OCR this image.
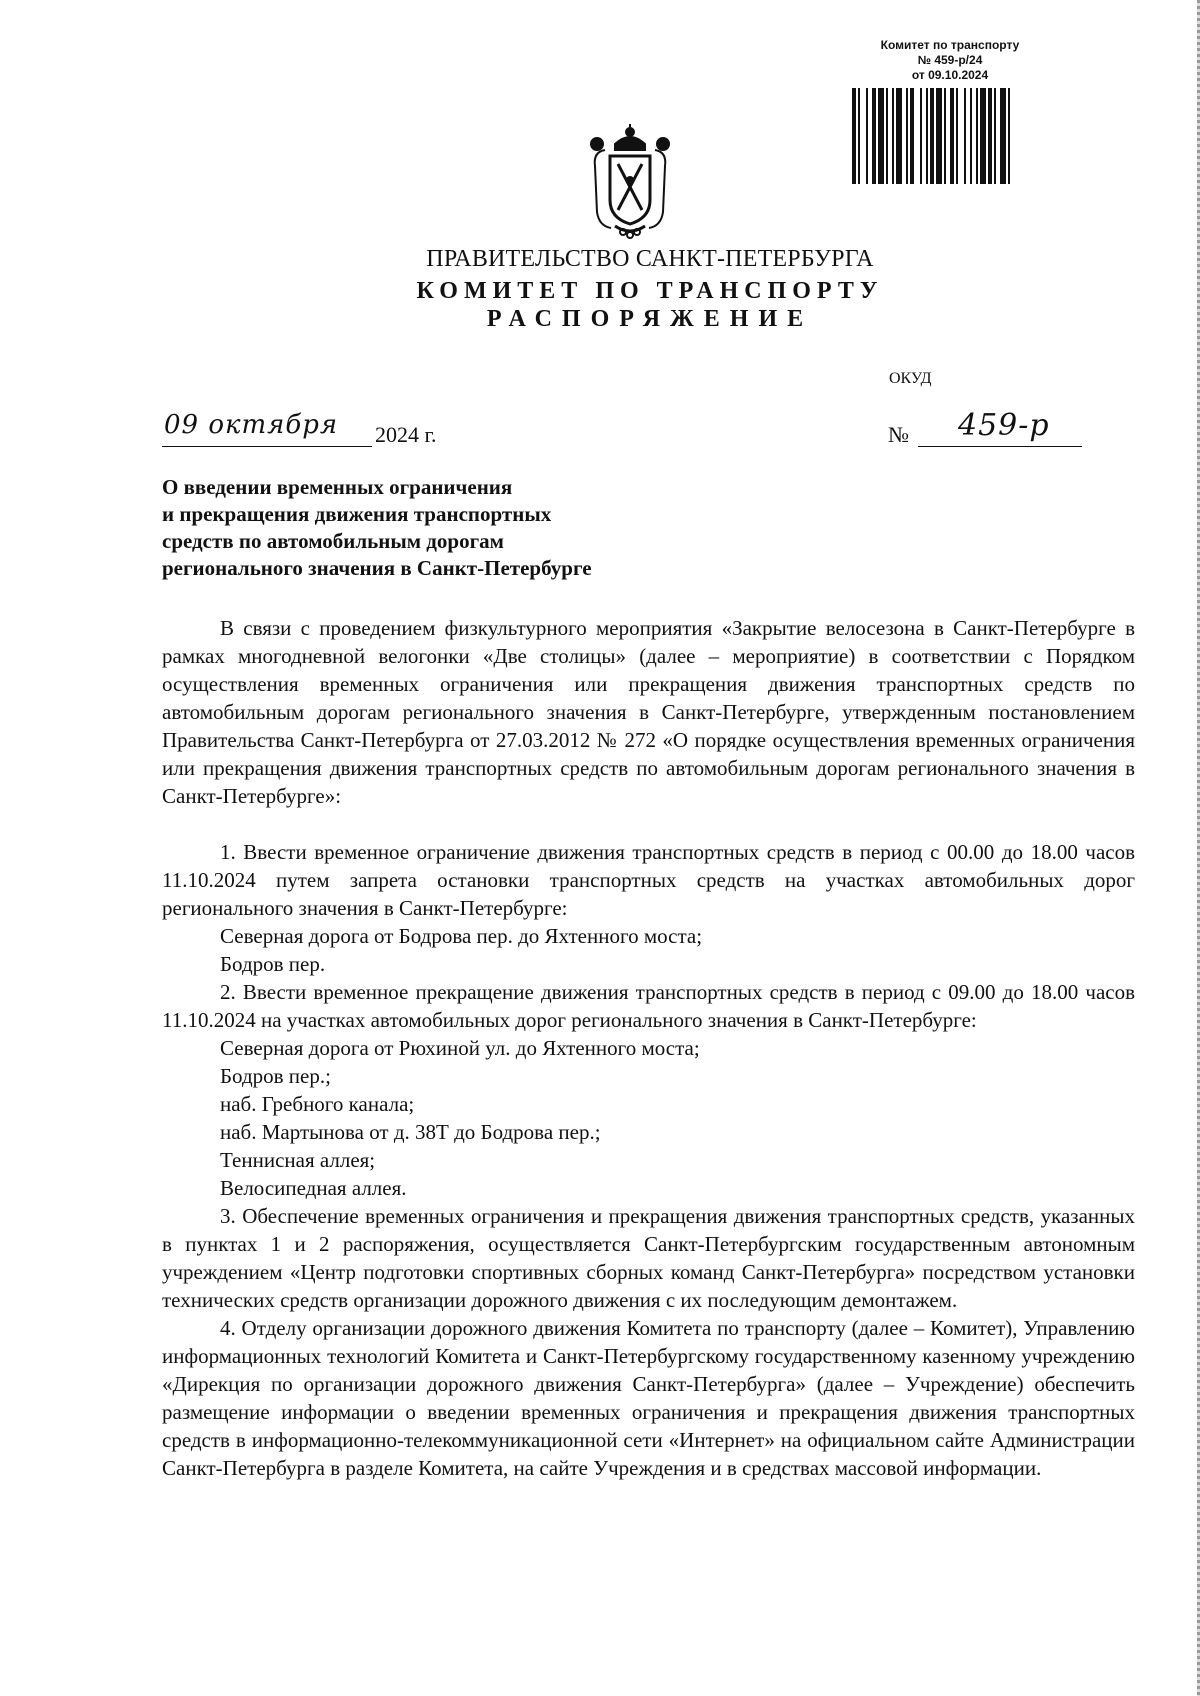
Комитет по транспорту
№ 459-р/24
от 09.10.2024
ПРАВИТЕЛЬСТВО САНКТ-ПЕТЕРБУРГА
КОМИТЕТ ПО ТРАНСПОРТУ
РАСПОРЯЖЕНИЕ
ОКУД
09 октября 2024 г.	№ 459-р
О введении временных ограничения
и прекращения движения транспортных
средств по автомобильным дорогам
регионального значения в Санкт-Петербурге

В связи с проведением физкультурного мероприятия «Закрытие велосезона в Санкт-Петербурге в рамках многодневной велогонки «Две столицы» (далее – мероприятие) в соответствии с Порядком осуществления временных ограничения или прекращения движения транспортных средств по автомобильным дорогам регионального значения в Санкт-Петербурге, утвержденным постановлением Правительства Санкт-Петербурга от 27.03.2012 № 272 «О порядке осуществления временных ограничения или прекращения движения транспортных средств по автомобильным дорогам регионального значения в Санкт-Петербурге»:

1. Ввести временное ограничение движения транспортных средств в период с 00.00 до 18.00 часов 11.10.2024 путем запрета остановки транспортных средств на участках автомобильных дорог регионального значения в Санкт-Петербурге:

Северная дорога от Бодрова пер. до Яхтенного моста;

Бодров пер.

2. Ввести временное прекращение движения транспортных средств в период с 09.00 до 18.00 часов 11.10.2024 на участках автомобильных дорог регионального значения в Санкт-Петербурге:

Северная дорога от Рюхиной ул. до Яхтенного моста;

Бодров пер.;

наб. Гребного канала;

наб. Мартынова от д. 38Т до Бодрова пер.;

Теннисная аллея;

Велосипедная аллея.

3. Обеспечение временных ограничения и прекращения движения транспортных средств, указанных в пунктах 1 и 2 распоряжения, осуществляется Санкт-Петербургским государственным автономным учреждением «Центр подготовки спортивных сборных команд Санкт-Петербурга» посредством установки технических средств организации дорожного движения с их последующим демонтажем.

4. Отделу организации дорожного движения Комитета по транспорту (далее – Комитет), Управлению информационных технологий Комитета и Санкт-Петербургскому государственному казенному учреждению «Дирекция по организации дорожного движения Санкт-Петербурга» (далее – Учреждение) обеспечить размещение информации о введении временных ограничения и прекращения движения транспортных средств в информационно-телекоммуникационной сети «Интернет» на официальном сайте Администрации Санкт-Петербурга в разделе Комитета, на сайте Учреждения и в средствах массовой информации.
